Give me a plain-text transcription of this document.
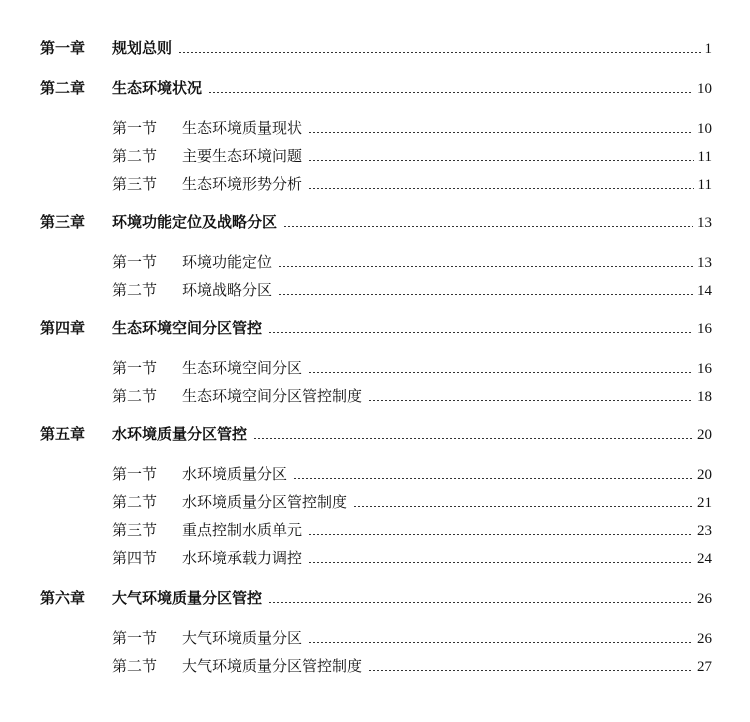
第一章	规划总则	1
第二章	生态环境状况	10
第一节	生态环境质量现状	10
第二节	主要生态环境问题	11
第三节	生态环境形势分析	11
第三章	环境功能定位及战略分区	13
第一节	环境功能定位	13
第二节	环境战略分区	14
第四章	生态环境空间分区管控	16
第一节	生态环境空间分区	16
第二节	生态环境空间分区管控制度	18
第五章	水环境质量分区管控	20
第一节	水环境质量分区	20
第二节	水环境质量分区管控制度	21
第三节	重点控制水质单元	23
第四节	水环境承载力调控	24
第六章	大气环境质量分区管控	26
第一节	大气环境质量分区	26
第二节	大气环境质量分区管控制度	27
